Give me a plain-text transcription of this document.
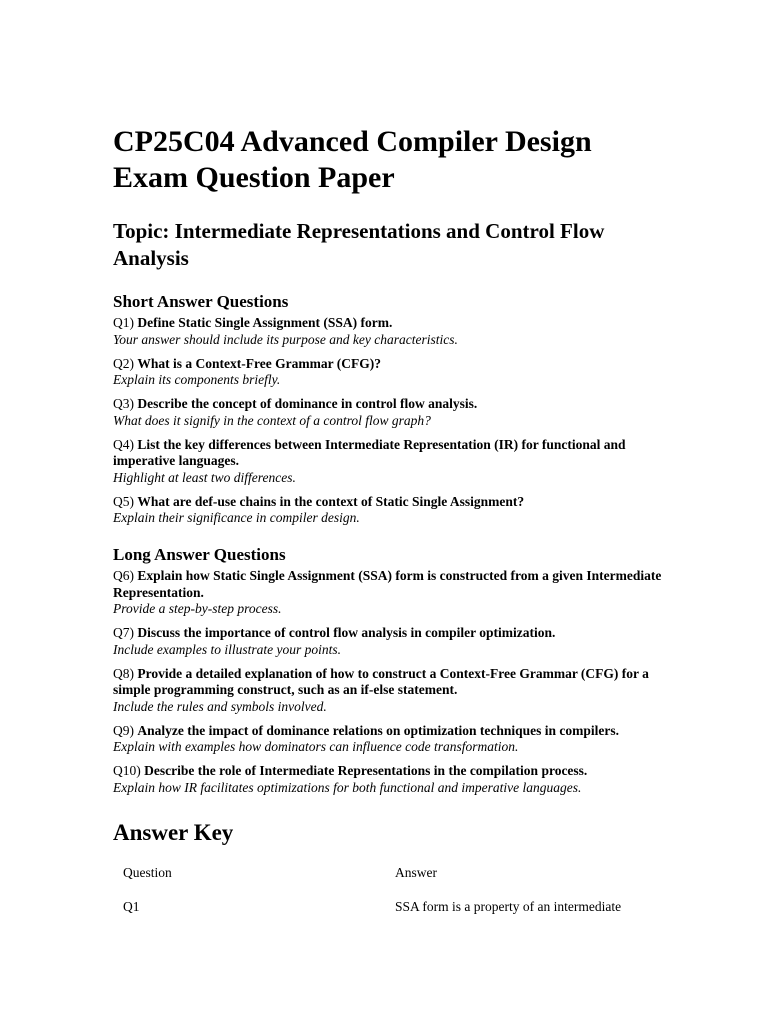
CP25C04 Advanced Compiler Design Exam Question Paper
Topic: Intermediate Representations and Control Flow Analysis
Short Answer Questions
Q1) Define Static Single Assignment (SSA) form.
Your answer should include its purpose and key characteristics.
Q2) What is a Context-Free Grammar (CFG)?
Explain its components briefly.
Q3) Describe the concept of dominance in control flow analysis.
What does it signify in the context of a control flow graph?
Q4) List the key differences between Intermediate Representation (IR) for functional and imperative languages.
Highlight at least two differences.
Q5) What are def-use chains in the context of Static Single Assignment?
Explain their significance in compiler design.
Long Answer Questions
Q6) Explain how Static Single Assignment (SSA) form is constructed from a given Intermediate Representation.
Provide a step-by-step process.
Q7) Discuss the importance of control flow analysis in compiler optimization.
Include examples to illustrate your points.
Q8) Provide a detailed explanation of how to construct a Context-Free Grammar (CFG) for a simple programming construct, such as an if-else statement.
Include the rules and symbols involved.
Q9) Analyze the impact of dominance relations on optimization techniques in compilers.
Explain with examples how dominators can influence code transformation.
Q10) Describe the role of Intermediate Representations in the compilation process.
Explain how IR facilitates optimizations for both functional and imperative languages.
Answer Key
Question	Answer
Q1	SSA form is a property of an intermediate
